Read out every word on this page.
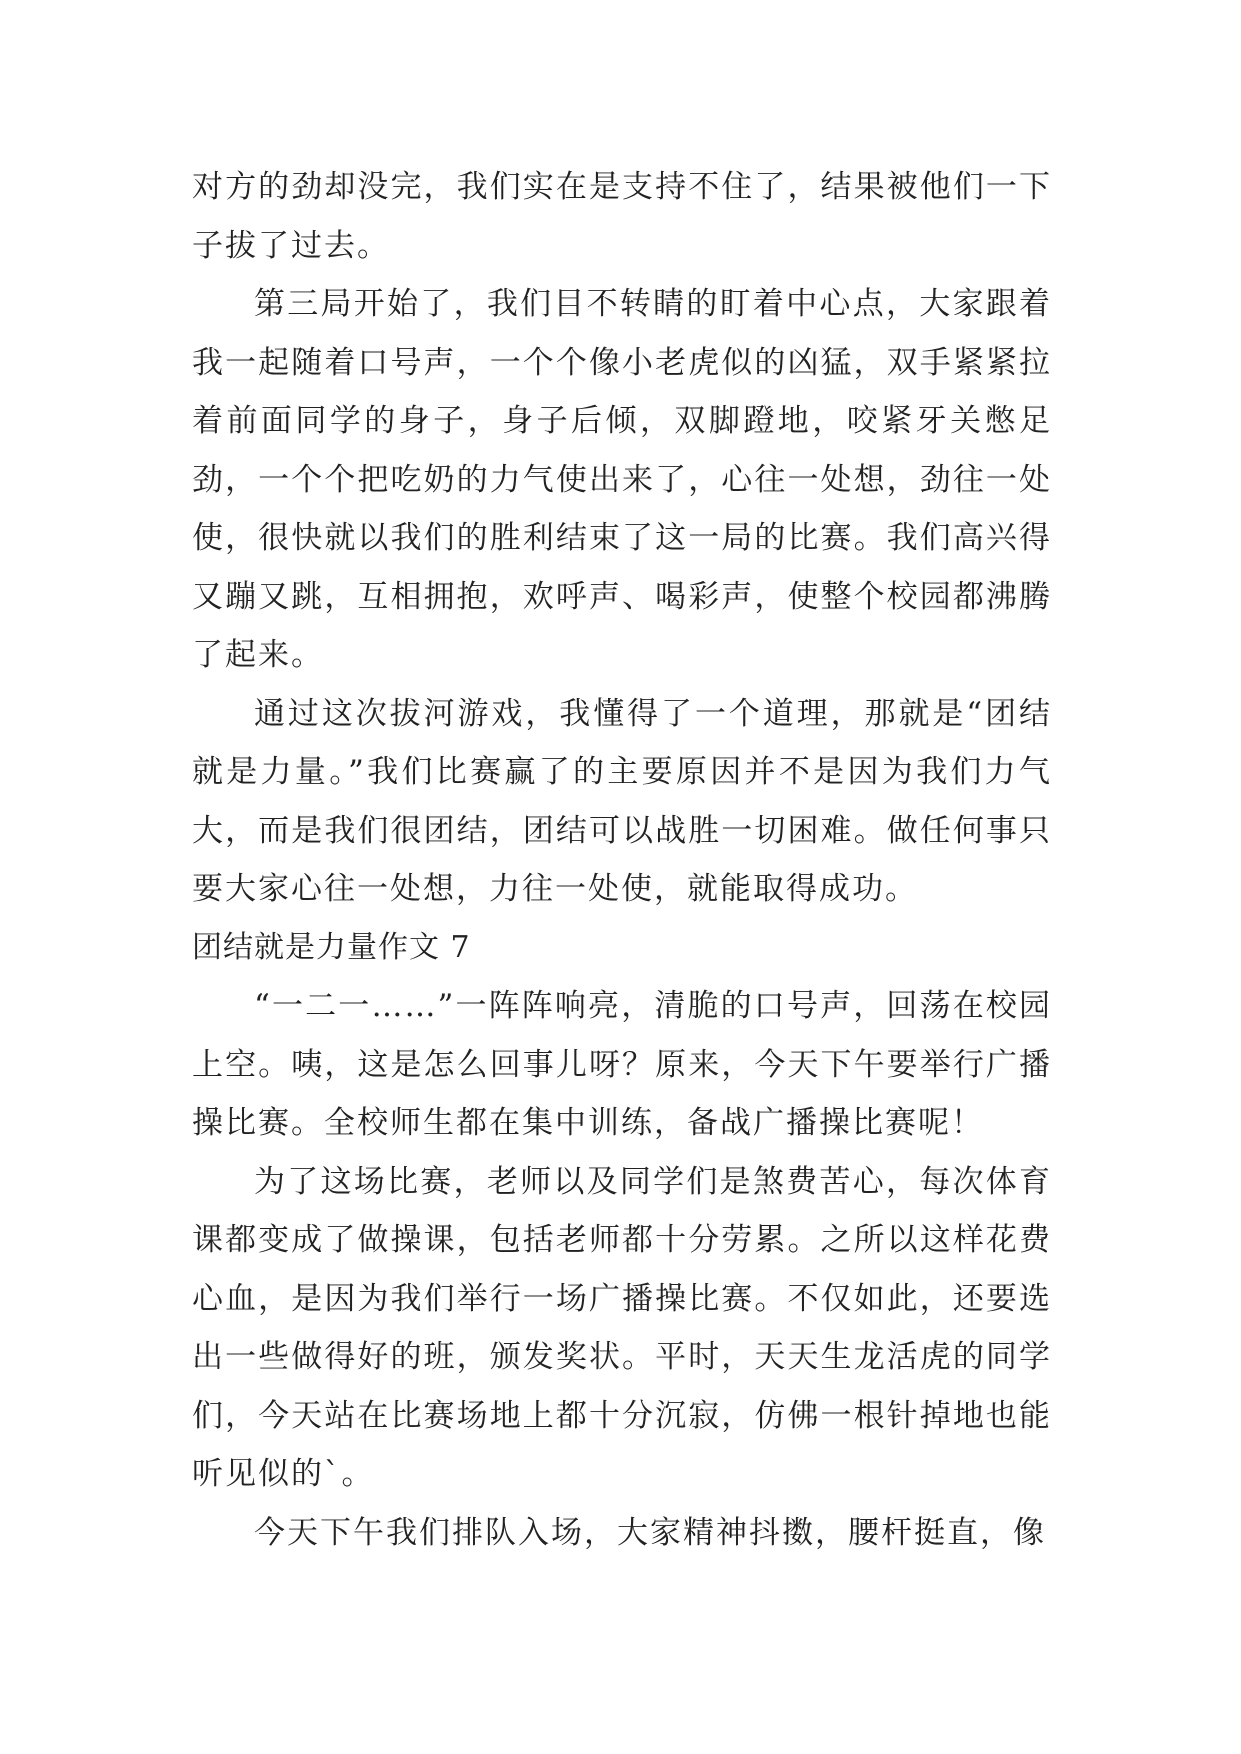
对方的劲却没完，我们实在是支持不住了，结果被他们一下子拔了过去。

第三局开始了，我们目不转睛的盯着中心点，大家跟着我一起随着口号声，一个个像小老虎似的凶猛，双手紧紧拉着前面同学的身子，身子后倾，双脚蹬地，咬紧牙关憋足劲，一个个把吃奶的力气使出来了，心往一处想，劲往一处使，很快就以我们的胜利结束了这一局的比赛。我们高兴得又蹦又跳，互相拥抱，欢呼声、喝彩声，使整个校园都沸腾了起来。

通过这次拔河游戏，我懂得了一个道理，那就是“团结就是力量。”我们比赛赢了的主要原因并不是因为我们力气大，而是我们很团结，团结可以战胜一切困难。做任何事只要大家心往一处想，力往一处使，就能取得成功。

团结就是力量作文 7

“一二一……”一阵阵响亮，清脆的口号声，回荡在校园上空。咦，这是怎么回事儿呀？原来，今天下午要举行广播操比赛。全校师生都在集中训练，备战广播操比赛呢！

为了这场比赛，老师以及同学们是煞费苦心，每次体育课都变成了做操课，包括老师都十分劳累。之所以这样花费心血，是因为我们举行一场广播操比赛。不仅如此，还要选出一些做得好的班，颁发奖状。平时，天天生龙活虎的同学们，今天站在比赛场地上都十分沉寂，仿佛一根针掉地也能听见似的`。

今天下午我们排队入场，大家精神抖擞，腰杆挺直，像
